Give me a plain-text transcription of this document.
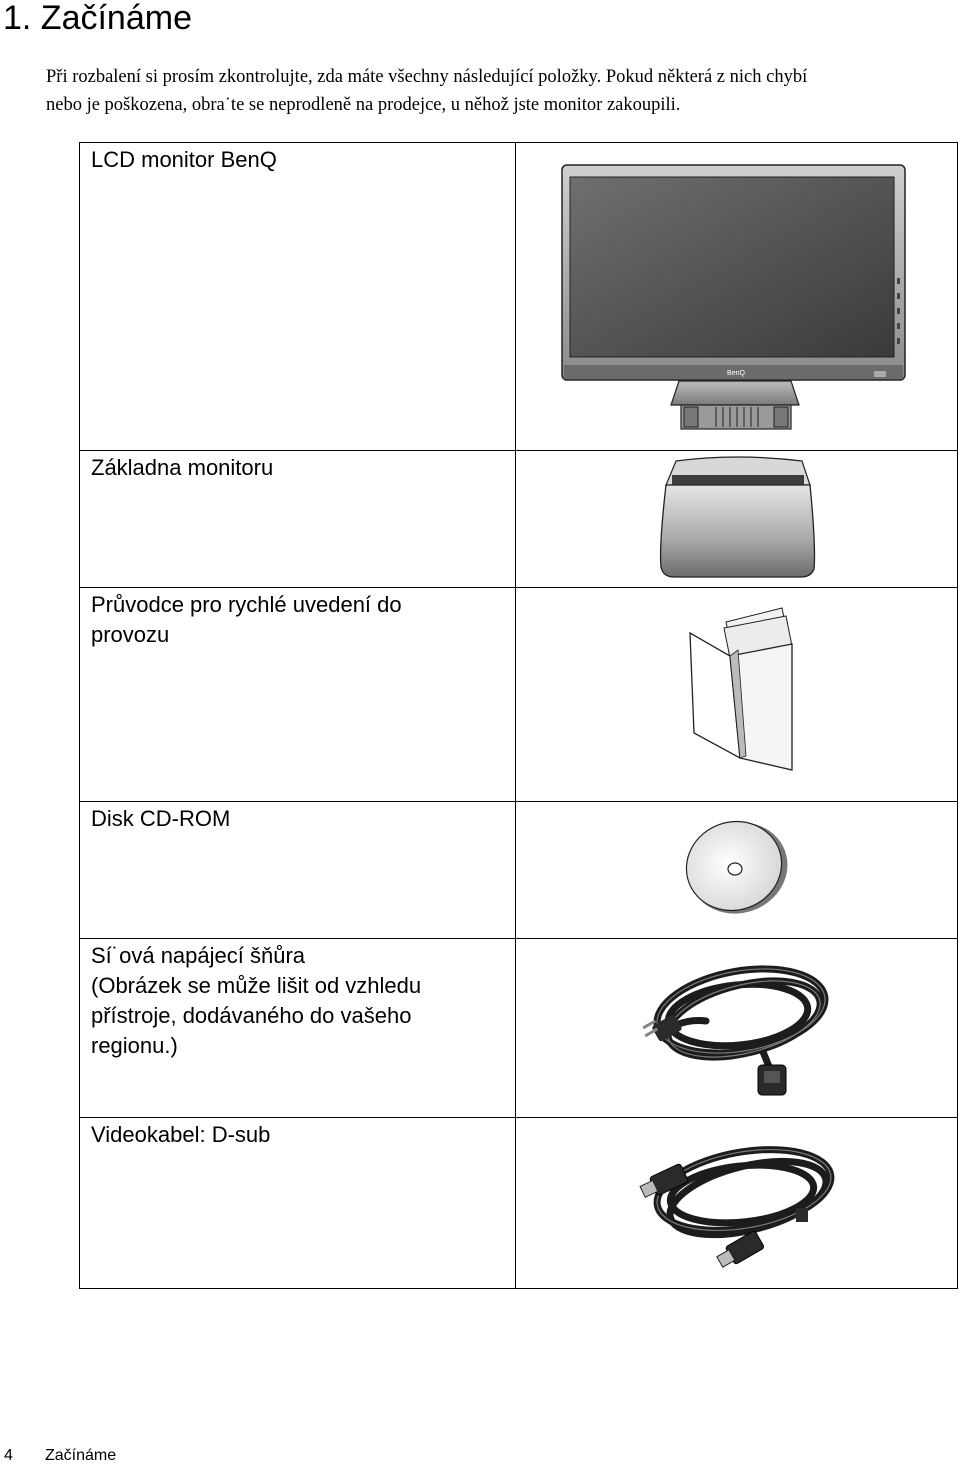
1. Začínáme

Při rozbalení si prosím zkontrolujte, zda máte všechny následující položky. Pokud některá z nich chybí
nebo je poškozena, obra˙te se neprodleně na prodejce, u něhož jste monitor zakoupili.

LCD monitor BenQ	BenQ

Základna monitoru

Průvodce pro rychlé uvedení do
provozu

Disk CD-ROM

Sí˙ová napájecí šňůra
(Obrázek se může lišit od vzhledu
přístroje, dodávaného do vašeho
regionu.)

Videokabel: D-sub

4 Začínáme
